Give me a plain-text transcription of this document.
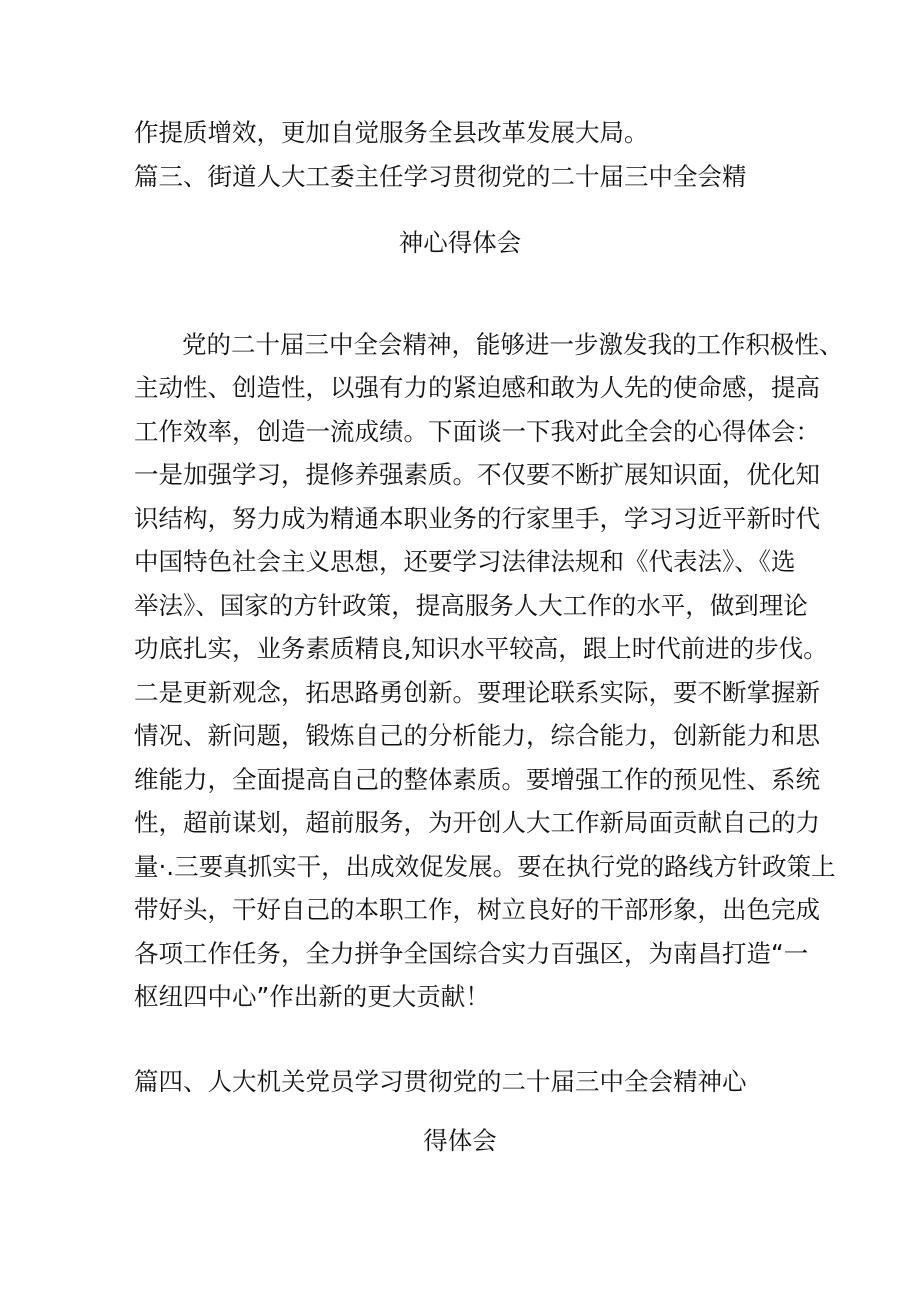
作提质增效，更加自觉服务全县改革发展大局。
篇三、街道人大工委主任学习贯彻党的二十届三中全会精
神心得体会
党的二十届三中全会精神，能够进一步激发我的工作积极性、
主动性、创造性，以强有力的紧迫感和敢为人先的使命感，提高
工作效率，创造一流成绩。下面谈一下我对此全会的心得体会：
一是加强学习，提修养强素质。不仅要不断扩展知识面，优化知
识结构，努力成为精通本职业务的行家里手，学习习近平新时代
中国特色社会主义思想，还要学习法律法规和《代表法》、《选
举法》、国家的方针政策，提高服务人大工作的水平，做到理论
功底扎实，业务素质精良,知识水平较高，跟上时代前进的步伐。
二是更新观念，拓思路勇创新。要理论联系实际，要不断掌握新
情况、新问题，锻炼自己的分析能力，综合能力，创新能力和思
维能力，全面提高自己的整体素质。要增强工作的预见性、系统
性，超前谋划，超前服务，为开创人大工作新局面贡献自己的力
量·.三要真抓实干，出成效促发展。要在执行党的路线方针政策上
带好头，干好自己的本职工作，树立良好的干部形象，出色完成
各项工作任务，全力拼争全国综合实力百强区，为南昌打造“一
枢纽四中心”作出新的更大贡献！
篇四、人大机关党员学习贯彻党的二十届三中全会精神心
得体会
